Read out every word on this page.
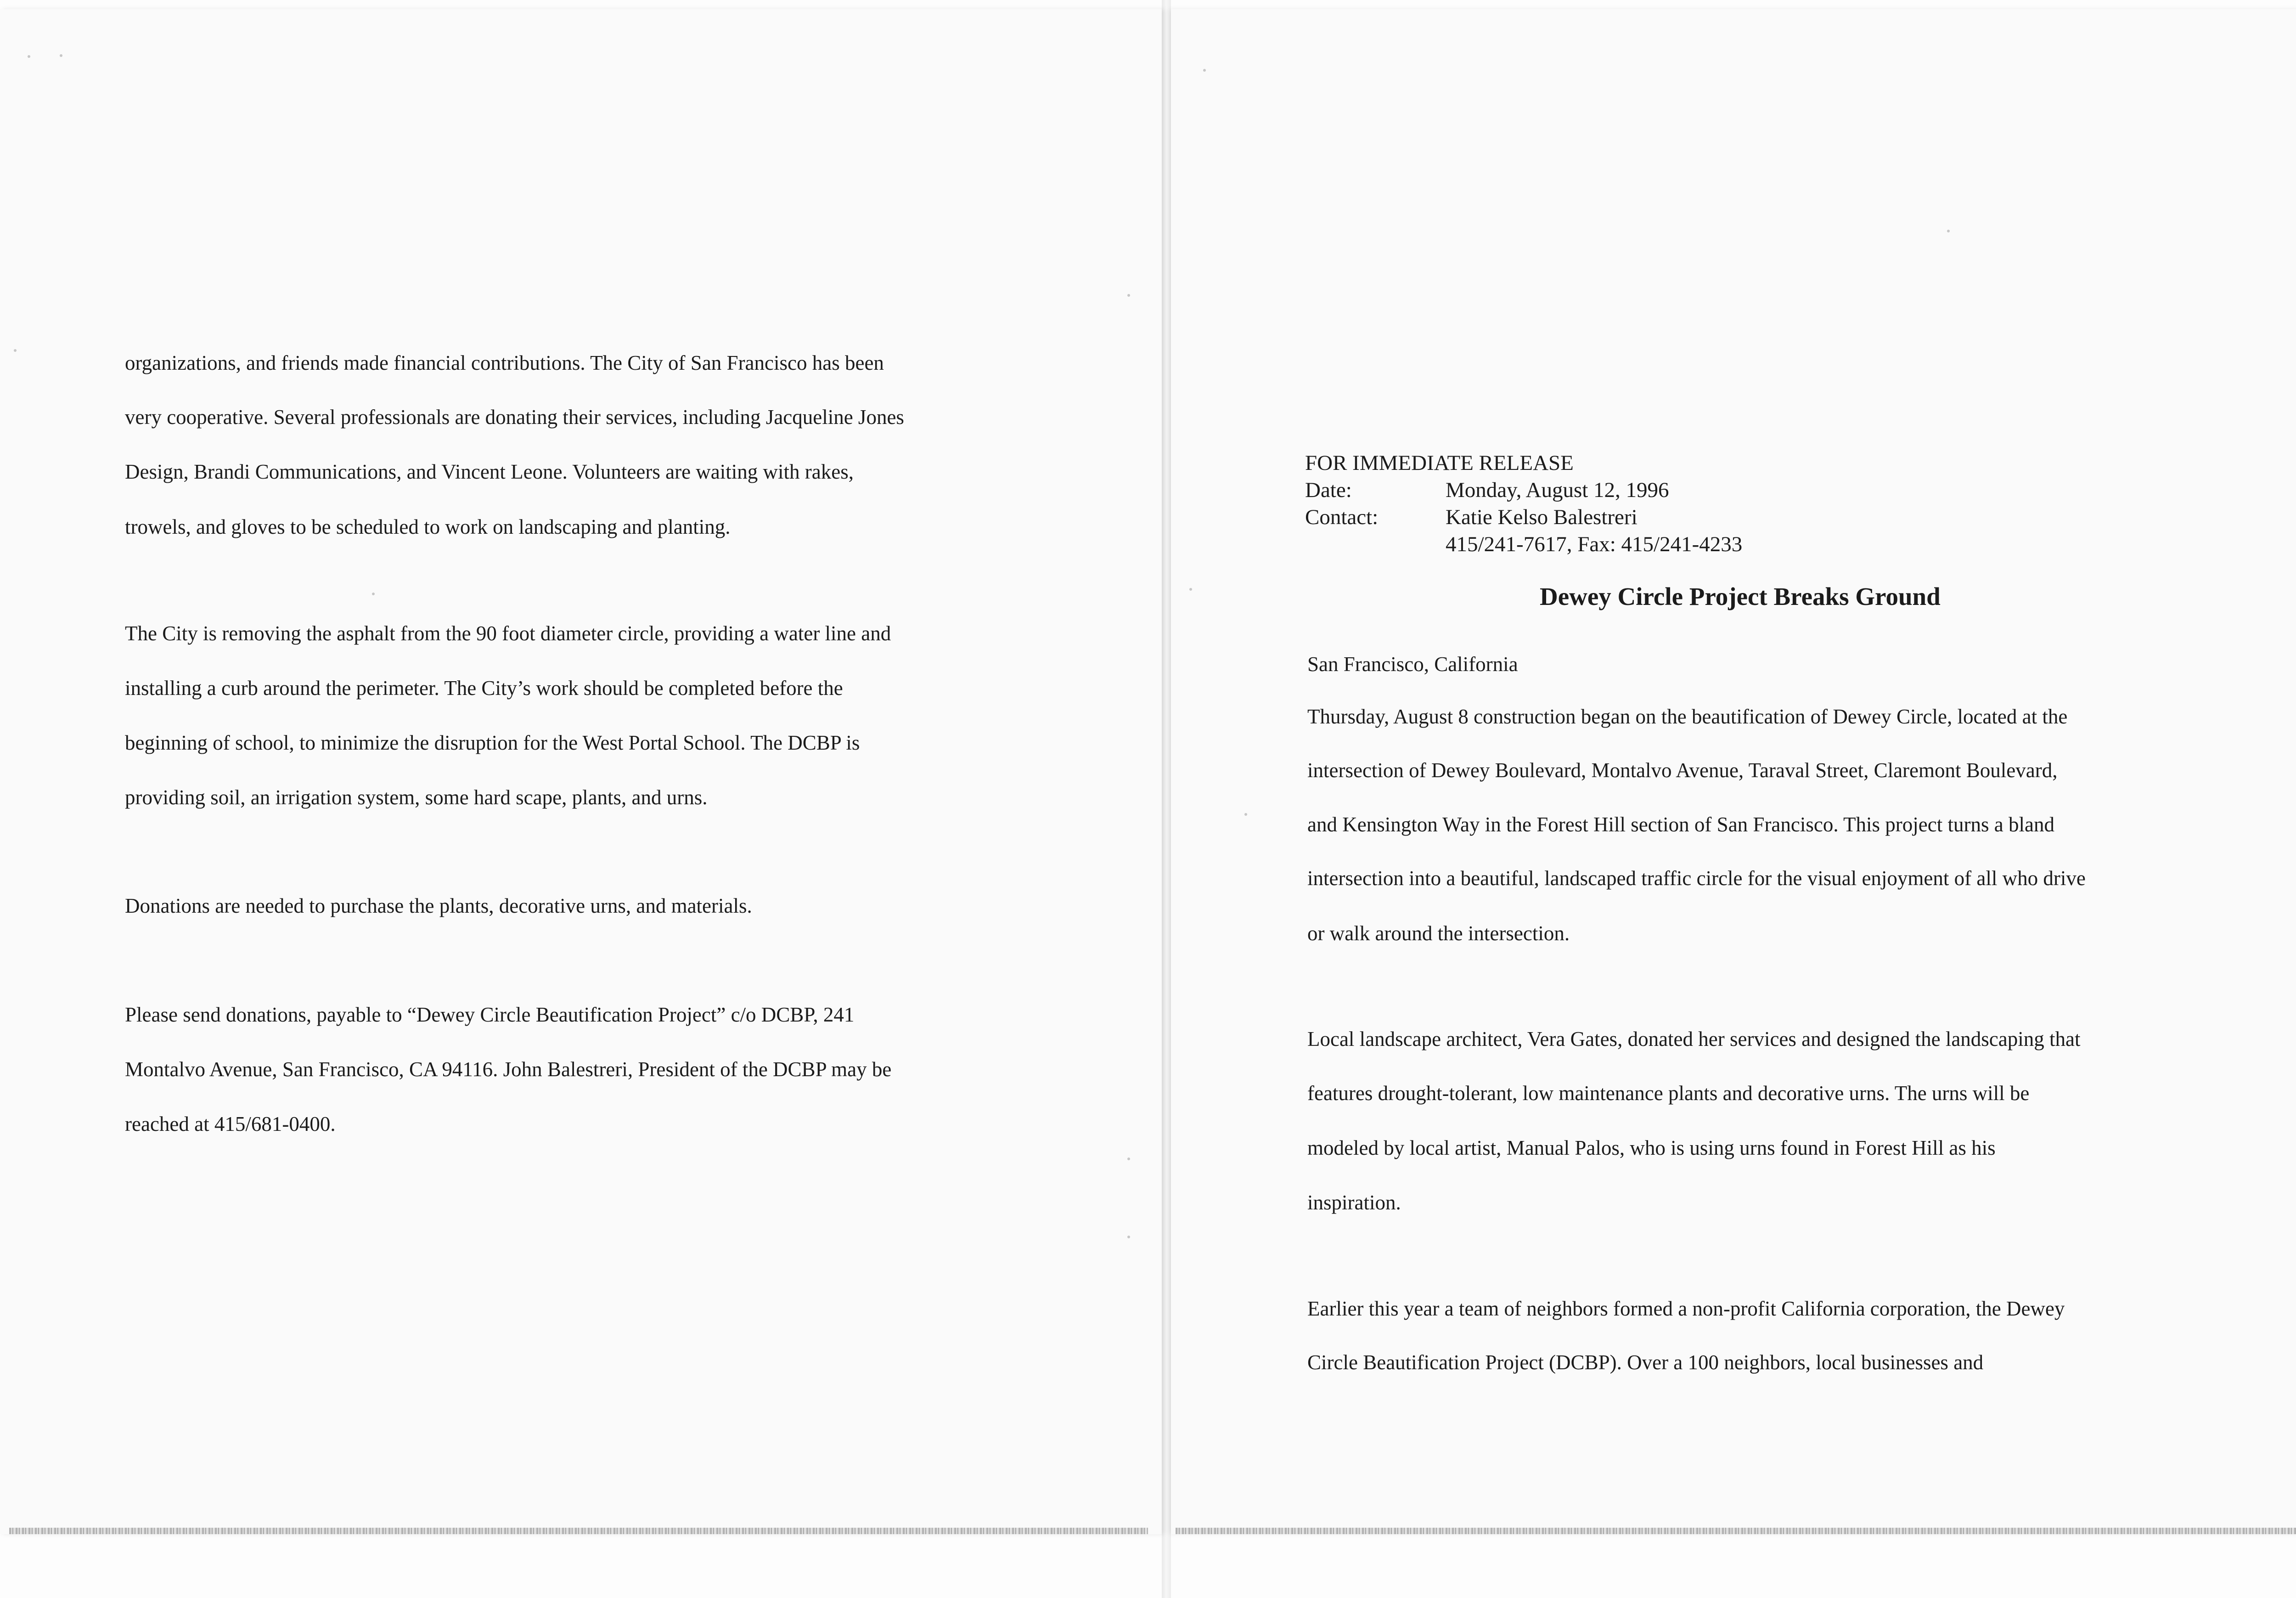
organizations, and friends made financial contributions. The City of San Francisco has been

very cooperative. Several professionals are donating their services, including Jacqueline Jones

Design, Brandi Communications, and Vincent Leone. Volunteers are waiting with rakes,

trowels, and gloves to be scheduled to work on landscaping and planting.

The City is removing the asphalt from the 90 foot diameter circle, providing a water line and

installing a curb around the perimeter. The City’s work should be completed before the

beginning of school, to minimize the disruption for the West Portal School. The DCBP is

providing soil, an irrigation system, some hard scape, plants, and urns.

Donations are needed to purchase the plants, decorative urns, and materials.

Please send donations, payable to “Dewey Circle Beautification Project” c/o DCBP, 241

Montalvo Avenue, San Francisco, CA 94116. John Balestreri, President of the DCBP may be

reached at 415/681-0400.

FOR IMMEDIATE RELEASE

Date:	Monday, August 12, 1996
Contact:	Katie Kelso Balestreri
415/241-7617, Fax: 415/241-4233

San Francisco, California

Thursday, August 8 construction began on the beautification of Dewey Circle, located at the

intersection of Dewey Boulevard, Montalvo Avenue, Taraval Street, Claremont Boulevard,

and Kensington Way in the Forest Hill section of San Francisco. This project turns a bland

intersection into a beautiful, landscaped traffic circle for the visual enjoyment of all who drive

or walk around the intersection.

Local landscape architect, Vera Gates, donated her services and designed the landscaping that

features drought-tolerant, low maintenance plants and decorative urns. The urns will be

modeled by local artist, Manual Palos, who is using urns found in Forest Hill as his

inspiration.

Earlier this year a team of neighbors formed a non-profit California corporation, the Dewey

Circle Beautification Project (DCBP). Over a 100 neighbors, local businesses and

Dewey Circle Project Breaks Ground
